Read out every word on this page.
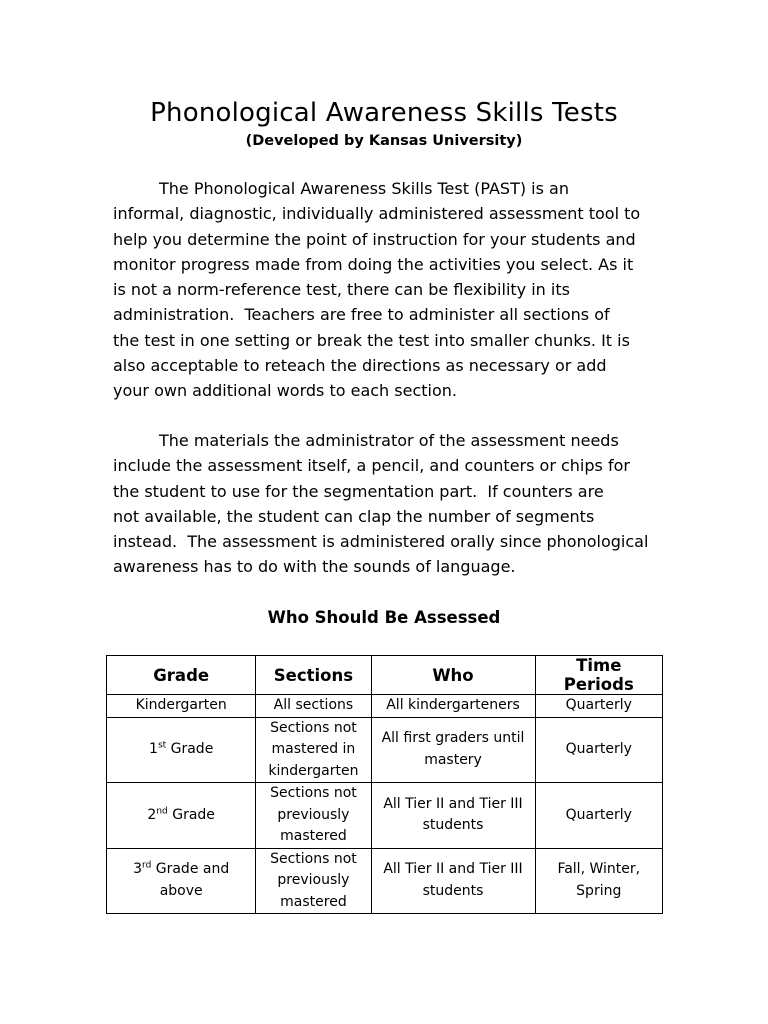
Phonological Awareness Skills Tests
(Developed by Kansas University)
The Phonological Awareness Skills Test (PAST) is an
informal, diagnostic, individually administered assessment tool to
help you determine the point of instruction for your students and
monitor progress made from doing the activities you select. As it
is not a norm-reference test, there can be flexibility in its
administration.  Teachers are free to administer all sections of
the test in one setting or break the test into smaller chunks. It is
also acceptable to reteach the directions as necessary or add
your own additional words to each section.
The materials the administrator of the assessment needs
include the assessment itself, a pencil, and counters or chips for
the student to use for the segmentation part.  If counters are
not available, the student can clap the number of segments
instead.  The assessment is administered orally since phonological
awareness has to do with the sounds of language.
Who Should Be Assessed
Grade	Sections	Who	Time Periods
Kindergarten	All sections	All kindergarteners	Quarterly
1st Grade	Sections not mastered in kindergarten	All first graders until mastery	Quarterly
2nd Grade	Sections not previously mastered	All Tier II and Tier III students	Quarterly
3rd Grade and above	Sections not previously mastered	All Tier II and Tier III students	Fall, Winter, Spring
